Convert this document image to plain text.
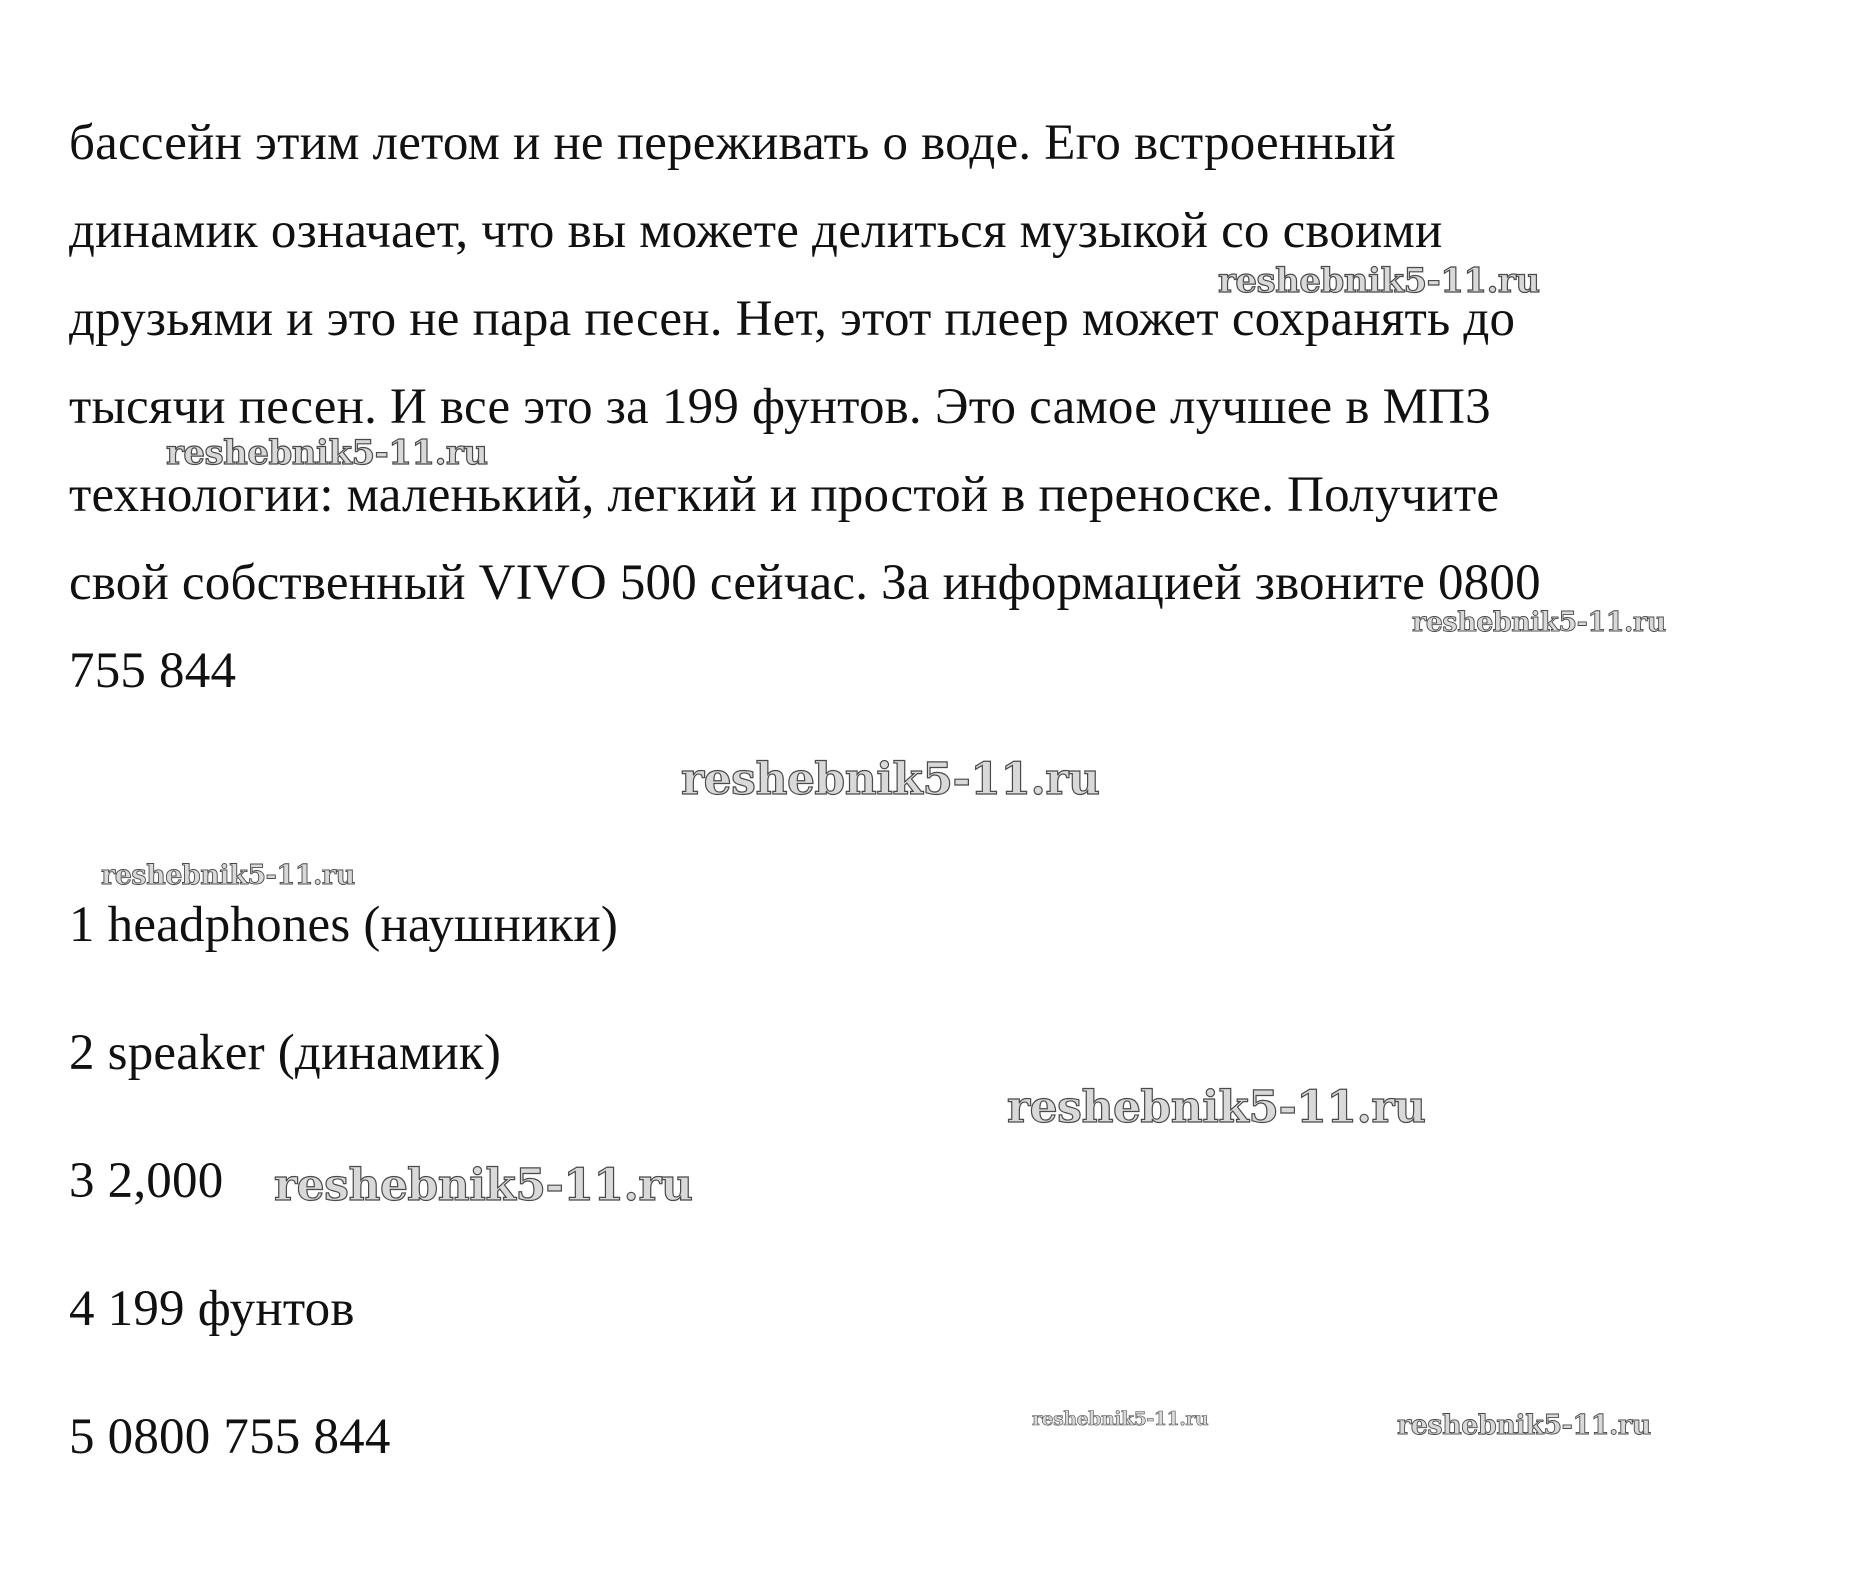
бассейн этим летом и не переживать о воде. Его встроенный

динамик означает, что вы можете делиться музыкой со своими

друзьями и это не пара песен. Нет, этот плеер может сохранять до

тысячи песен. И все это за 199 фунтов. Это самое лучшее в МП3

технологии: маленький, легкий и простой в переноске. Получите

свой собственный VIVO 500 сейчас. За информацией звоните 0800

755 844

1 headphones (наушники)

2 speaker (динамик)

3 2,000

4 199 фунтов

5 0800 755 844

reshebnik5-11.ru
reshebnik5-11.ru
reshebnik5-11.ru
reshebnik5-11.ru
reshebnik5-11.ru
reshebnik5-11.ru
reshebnik5-11.ru
reshebnik5-11.ru	reshebnik5-11.ru
